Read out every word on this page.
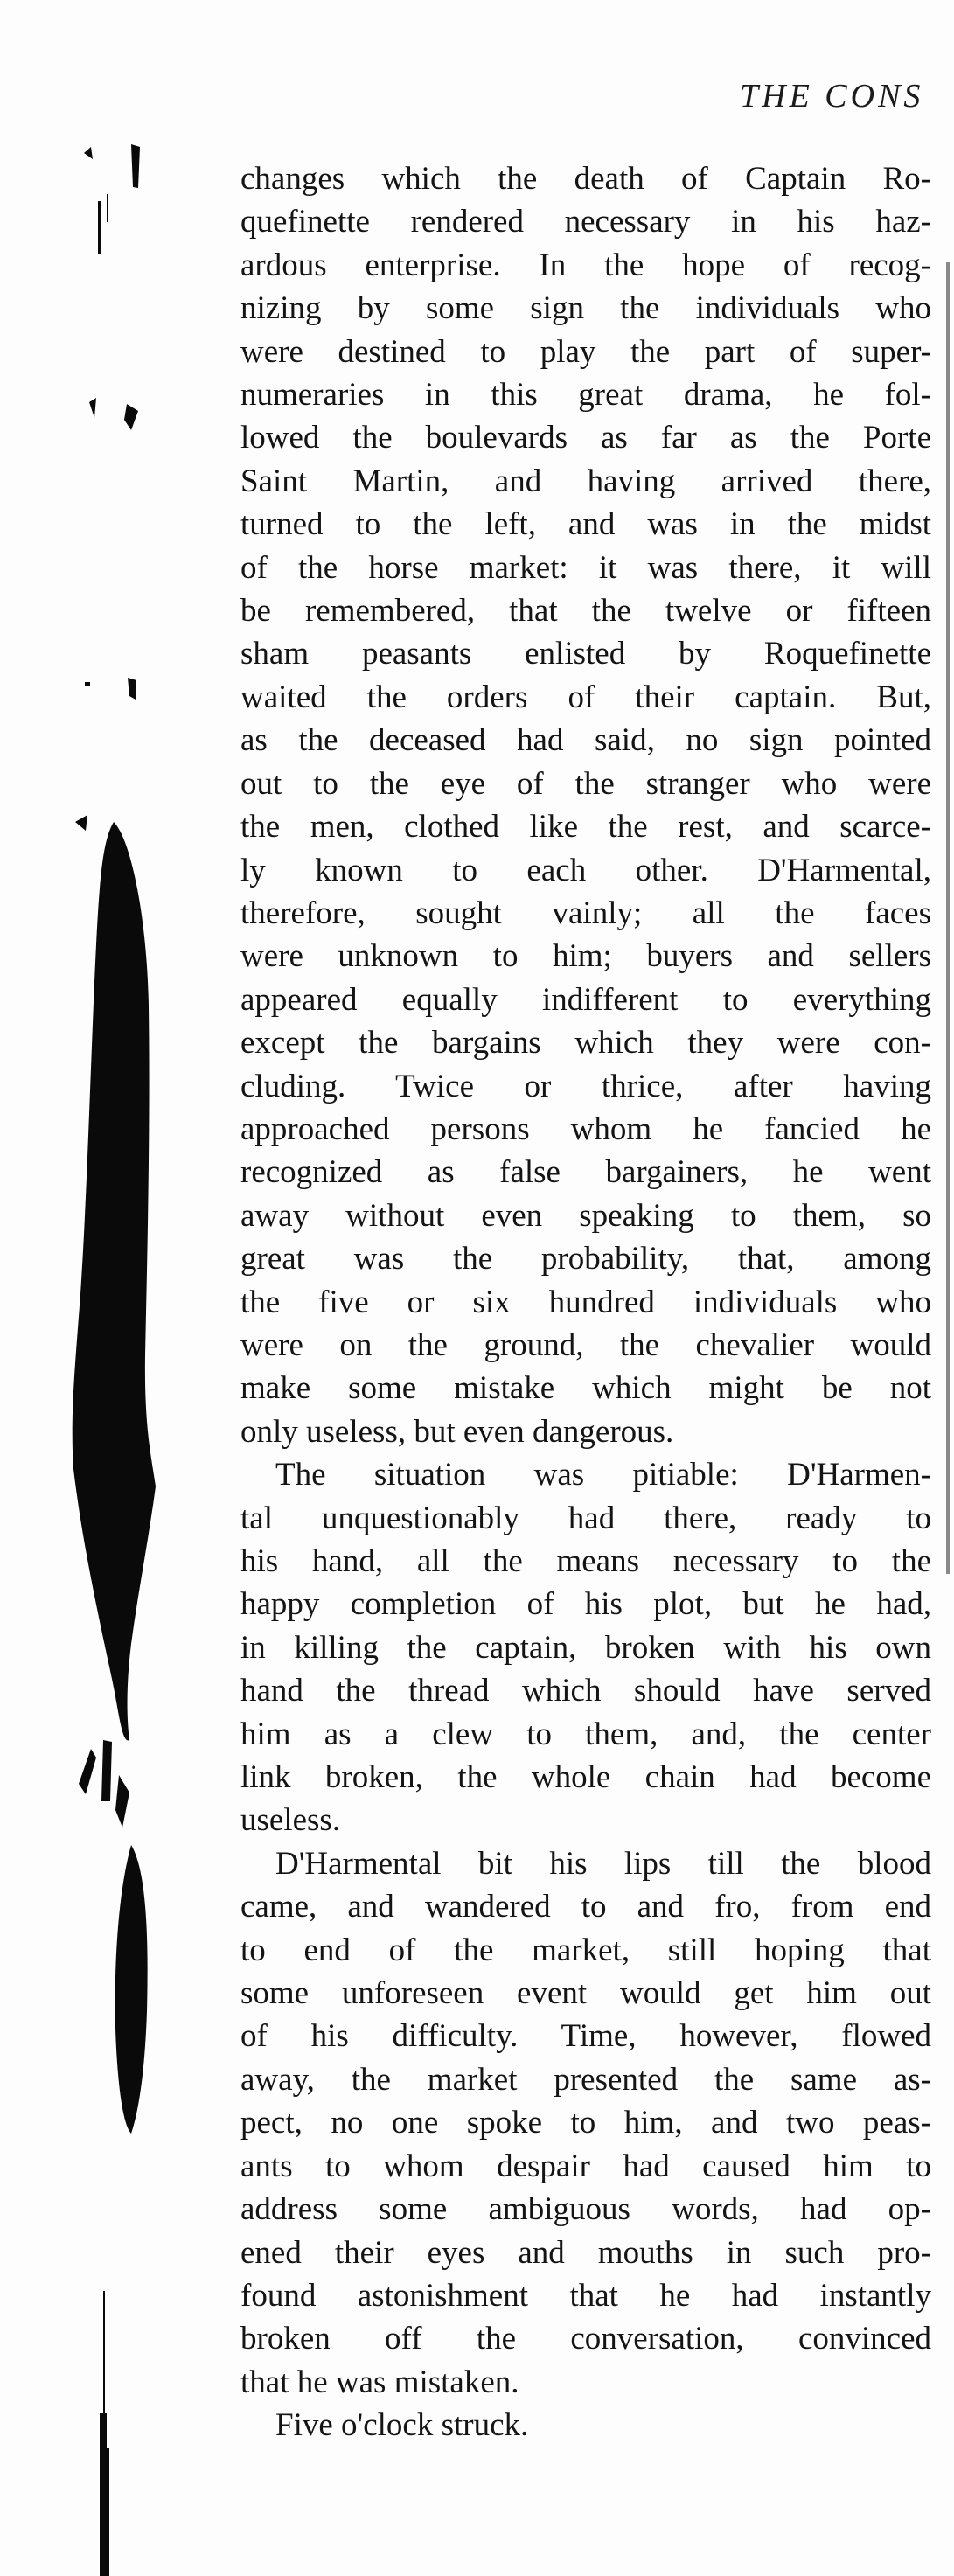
THE CONS
changes which the death of Captain Ro-
quefinette rendered necessary in his haz-
ardous enterprise. In the hope of recog-
nizing by some sign the individuals who
were destined to play the part of super-
numeraries in this great drama, he fol-
lowed the boulevards as far as the Porte
Saint Martin, and having arrived there,
turned to the left, and was in the midst
of the horse market: it was there, it will
be remembered, that the twelve or fifteen
sham peasants enlisted by Roquefinette
waited the orders of their captain. But,
as the deceased had said, no sign pointed
out to the eye of the stranger who were
the men, clothed like the rest, and scarce-
ly known to each other. D'Harmental,
therefore, sought vainly; all the faces
were unknown to him; buyers and sellers
appeared equally indifferent to everything
except the bargains which they were con-
cluding. Twice or thrice, after having
approached persons whom he fancied he
recognized as false bargainers, he went
away without even speaking to them, so
great was the probability, that, among
the five or six hundred individuals who
were on the ground, the chevalier would
make some mistake which might be not
only useless, but even dangerous.
The situation was pitiable: D'Harmen-
tal unquestionably had there, ready to
his hand, all the means necessary to the
happy completion of his plot, but he had,
in killing the captain, broken with his own
hand the thread which should have served
him as a clew to them, and, the center
link broken, the whole chain had become
useless.
D'Harmental bit his lips till the blood
came, and wandered to and fro, from end
to end of the market, still hoping that
some unforeseen event would get him out
of his difficulty. Time, however, flowed
away, the market presented the same as-
pect, no one spoke to him, and two peas-
ants to whom despair had caused him to
address some ambiguous words, had op-
ened their eyes and mouths in such pro-
found astonishment that he had instantly
broken off the conversation, convinced
that he was mistaken.
Five o'clock struck.
